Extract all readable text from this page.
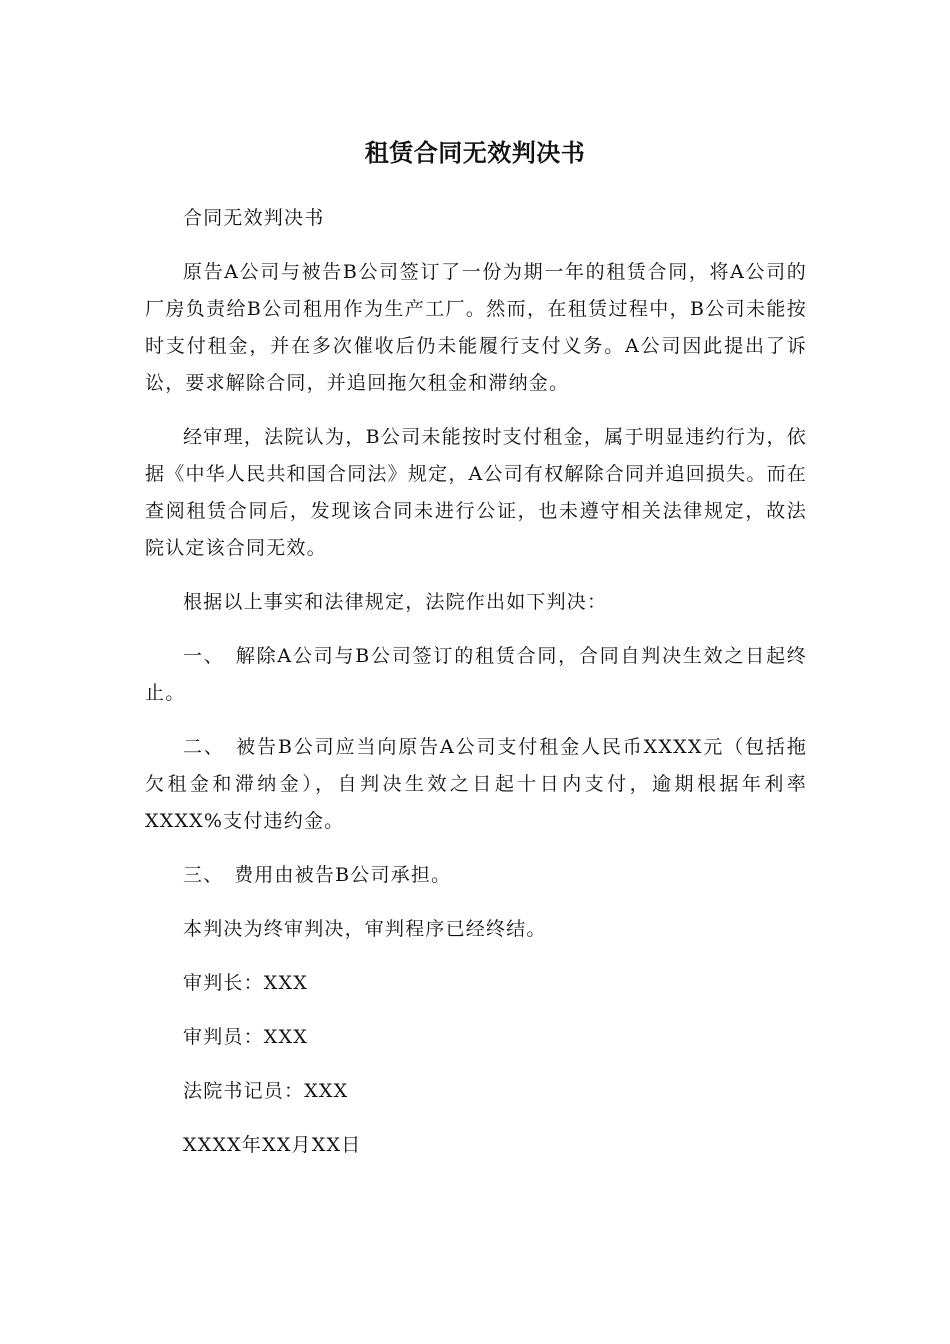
租赁合同无效判决书

合同无效判决书

原告A公司与被告B公司签订了一份为期一年的租赁合同，将A公司的厂房负责给B公司租用作为生产工厂。然而，在租赁过程中，B公司未能按时支付租金，并在多次催收后仍未能履行支付义务。A公司因此提出了诉讼，要求解除合同，并追回拖欠租金和滞纳金。

经审理，法院认为，B公司未能按时支付租金，属于明显违约行为，依据《中华人民共和国合同法》规定，A公司有权解除合同并追回损失。而在查阅租赁合同后，发现该合同未进行公证，也未遵守相关法律规定，故法院认定该合同无效。

根据以上事实和法律规定，法院作出如下判决：

一、　解除A公司与B公司签订的租赁合同，合同自判决生效之日起终止。

二、　被告B公司应当向原告A公司支付租金人民币XXXX元（包括拖欠租金和滞纳金），自判决生效之日起十日内支付，逾期根据年利率XXXX%支付违约金。

三、　费用由被告B公司承担。

本判决为终审判决，审判程序已经终结。

审判长：XXX

审判员：XXX

法院书记员：XXX

XXXX年XX月XX日
